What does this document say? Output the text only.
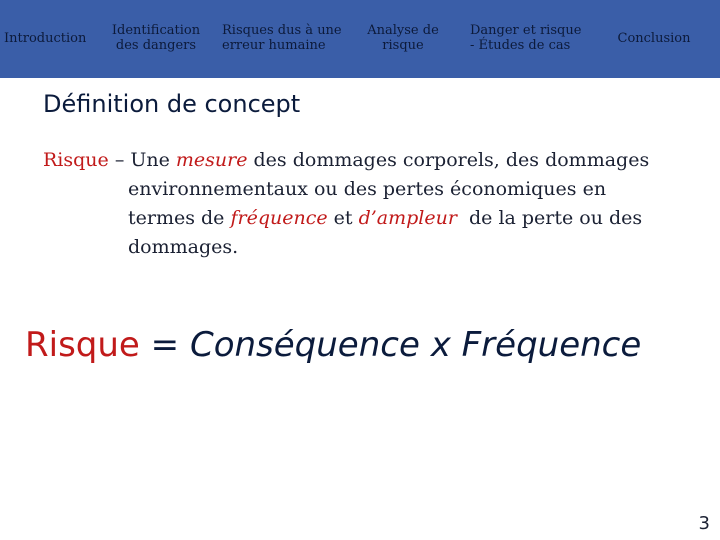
Introduction Identification
des dangers
Risques dus à une
erreur humaine
Analyse de
risque
Danger et risque
- Études de cas	Conclusion
Définition de concept
Risque – Une mesure des dommages corporels, des dommages
environnementaux ou des pertes économiques en
termes de fréquence et d’ampleur  de la perte ou des
dommages.
Risque = Conséquence x Fréquence
3
